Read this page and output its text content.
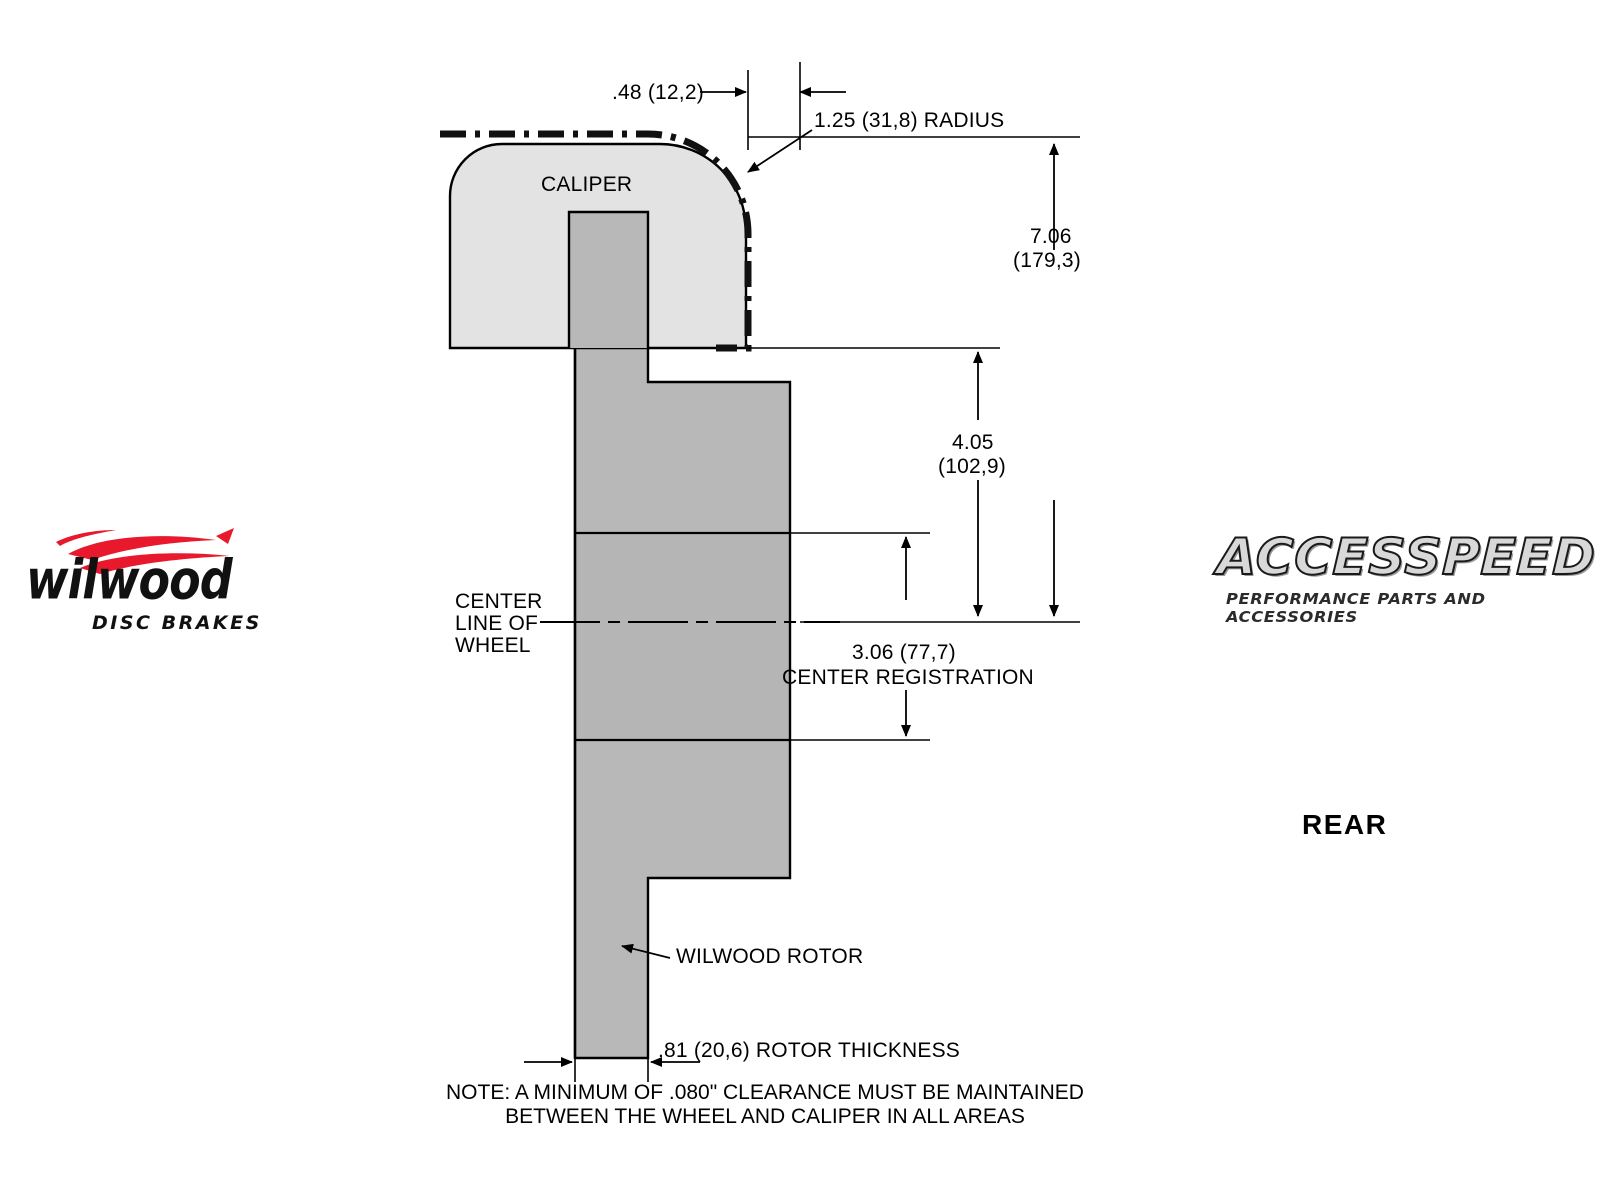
.48 (12,2)
1.25 (31,8) RADIUS
7.06
(179,3)
4.05
(102,9)
3.06 (77,7)
CENTER REGISTRATION
.81 (20,6) ROTOR THICKNESS
CALIPER
WILWOOD ROTOR
CENTER
LINE OF
WHEEL
NOTE: A MINIMUM OF .080" CLEARANCE MUST BE MAINTAINED
BETWEEN THE WHEEL AND CALIPER IN ALL AREAS
REAR
wilwood
DISC BRAKES
ACCESSPEED
PERFORMANCE PARTS AND ACCESSORIES
